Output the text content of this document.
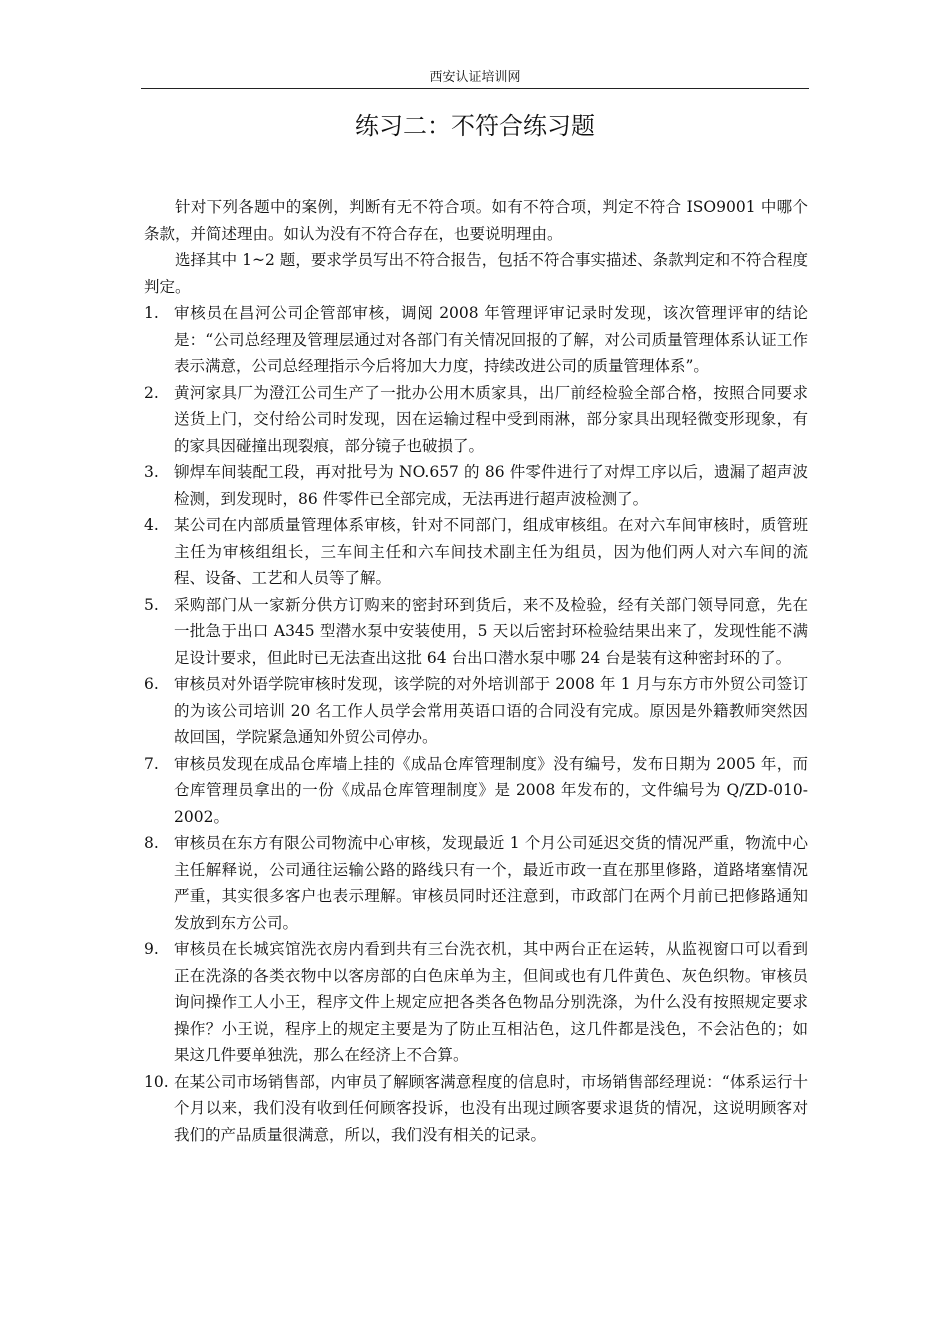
西安认证培训网
练习二：不符合练习题

针对下列各题中的案例，判断有无不符合项。如有不符合项，判定不符合 ISO9001 中哪个条款，并简述理由。如认为没有不符合存在，也要说明理由。

选择其中 1~2 题，要求学员写出不符合报告，包括不符合事实描述、条款判定和不符合程度判定。

1. 审核员在昌河公司企管部审核，调阅 2008 年管理评审记录时发现，该次管理评审的结论是：“公司总经理及管理层通过对各部门有关情况回报的了解，对公司质量管理体系认证工作表示满意，公司总经理指示今后将加大力度，持续改进公司的质量管理体系”。
2. 黄河家具厂为澄江公司生产了一批办公用木质家具，出厂前经检验全部合格，按照合同要求送货上门，交付给公司时发现，因在运输过程中受到雨淋，部分家具出现轻微变形现象，有的家具因碰撞出现裂痕，部分镜子也破损了。
3. 铆焊车间装配工段，再对批号为 NO.657 的 86 件零件进行了对焊工序以后，遗漏了超声波检测，到发现时，86 件零件已全部完成，无法再进行超声波检测了。
4. 某公司在内部质量管理体系审核，针对不同部门，组成审核组。在对六车间审核时，质管班主任为审核组组长，三车间主任和六车间技术副主任为组员，因为他们两人对六车间的流程、设备、工艺和人员等了解。
5. 采购部门从一家新分供方订购来的密封环到货后，来不及检验，经有关部门领导同意，先在一批急于出口 A345 型潜水泵中安装使用，5 天以后密封环检验结果出来了，发现性能不满足设计要求，但此时已无法查出这批 64 台出口潜水泵中哪 24 台是装有这种密封环的了。
6. 审核员对外语学院审核时发现，该学院的对外培训部于 2008 年 1 月与东方市外贸公司签订的为该公司培训 20 名工作人员学会常用英语口语的合同没有完成。原因是外籍教师突然因故回国，学院紧急通知外贸公司停办。
7. 审核员发现在成品仓库墙上挂的《成品仓库管理制度》没有编号，发布日期为 2005 年，而仓库管理员拿出的一份《成品仓库管理制度》是 2008 年发布的，文件编号为 Q/ZD-010-2002。
8. 审核员在东方有限公司物流中心审核，发现最近 1 个月公司延迟交货的情况严重，物流中心主任解释说，公司通往运输公路的路线只有一个，最近市政一直在那里修路，道路堵塞情况严重，其实很多客户也表示理解。审核员同时还注意到，市政部门在两个月前已把修路通知发放到东方公司。
9. 审核员在长城宾馆洗衣房内看到共有三台洗衣机，其中两台正在运转，从监视窗口可以看到正在洗涤的各类衣物中以客房部的白色床单为主，但间或也有几件黄色、灰色织物。审核员询问操作工人小王，程序文件上规定应把各类各色物品分别洗涤，为什么没有按照规定要求操作？小王说，程序上的规定主要是为了防止互相沾色，这几件都是浅色，不会沾色的；如果这几件要单独洗，那么在经济上不合算。
10. 在某公司市场销售部，内审员了解顾客满意程度的信息时，市场销售部经理说：“体系运行十个月以来，我们没有收到任何顾客投诉，也没有出现过顾客要求退货的情况，这说明顾客对我们的产品质量很满意，所以，我们没有相关的记录。
